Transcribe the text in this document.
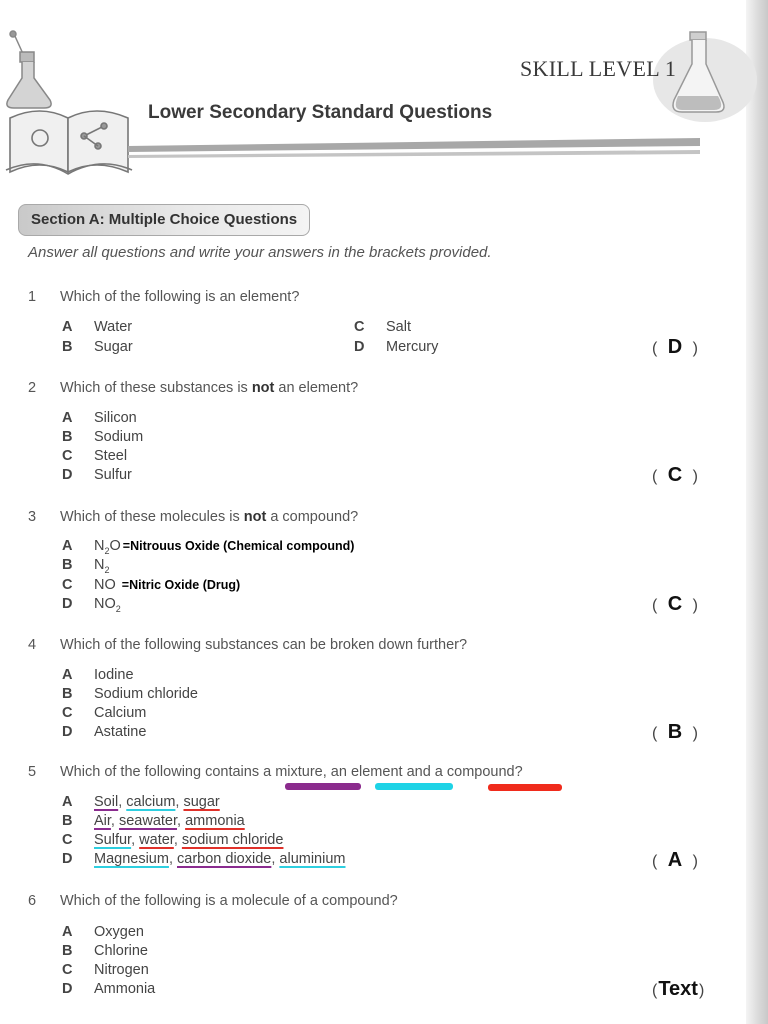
SKILL LEVEL 1
Lower Secondary Standard Questions
Section A: Multiple Choice Questions
Answer all questions and write your answers in the brackets provided.
1 Which of the following is an element?
A Water
B Sugar
C Salt
D Mercury	( D )
2 Which of these substances is not an element?
A Silicon
B Sodium
C Steel
D Sulfur	( C )
3 Which of these molecules is not a compound?
A $N_2O$ =Nitrouus Oxide (Chemical compound)
B $N_2$
C NO =Nitric Oxide (Drug)
D $NO_2$	( C )
4 Which of the following substances can be broken down further?
A Iodine
B Sodium chloride
C Calcium
D Astatine	( B )
5 Which of the following contains a mixture, an element and a compound?
A Soil, calcium, sugar
B Air, seawater, ammonia
C Sulfur, water, sodium chloride
D Magnesium, carbon dioxide, aluminium	( A )
6 Which of the following is a molecule of a compound?
A Oxygen
B Chlorine
C Nitrogen
D Ammonia	(Text)
